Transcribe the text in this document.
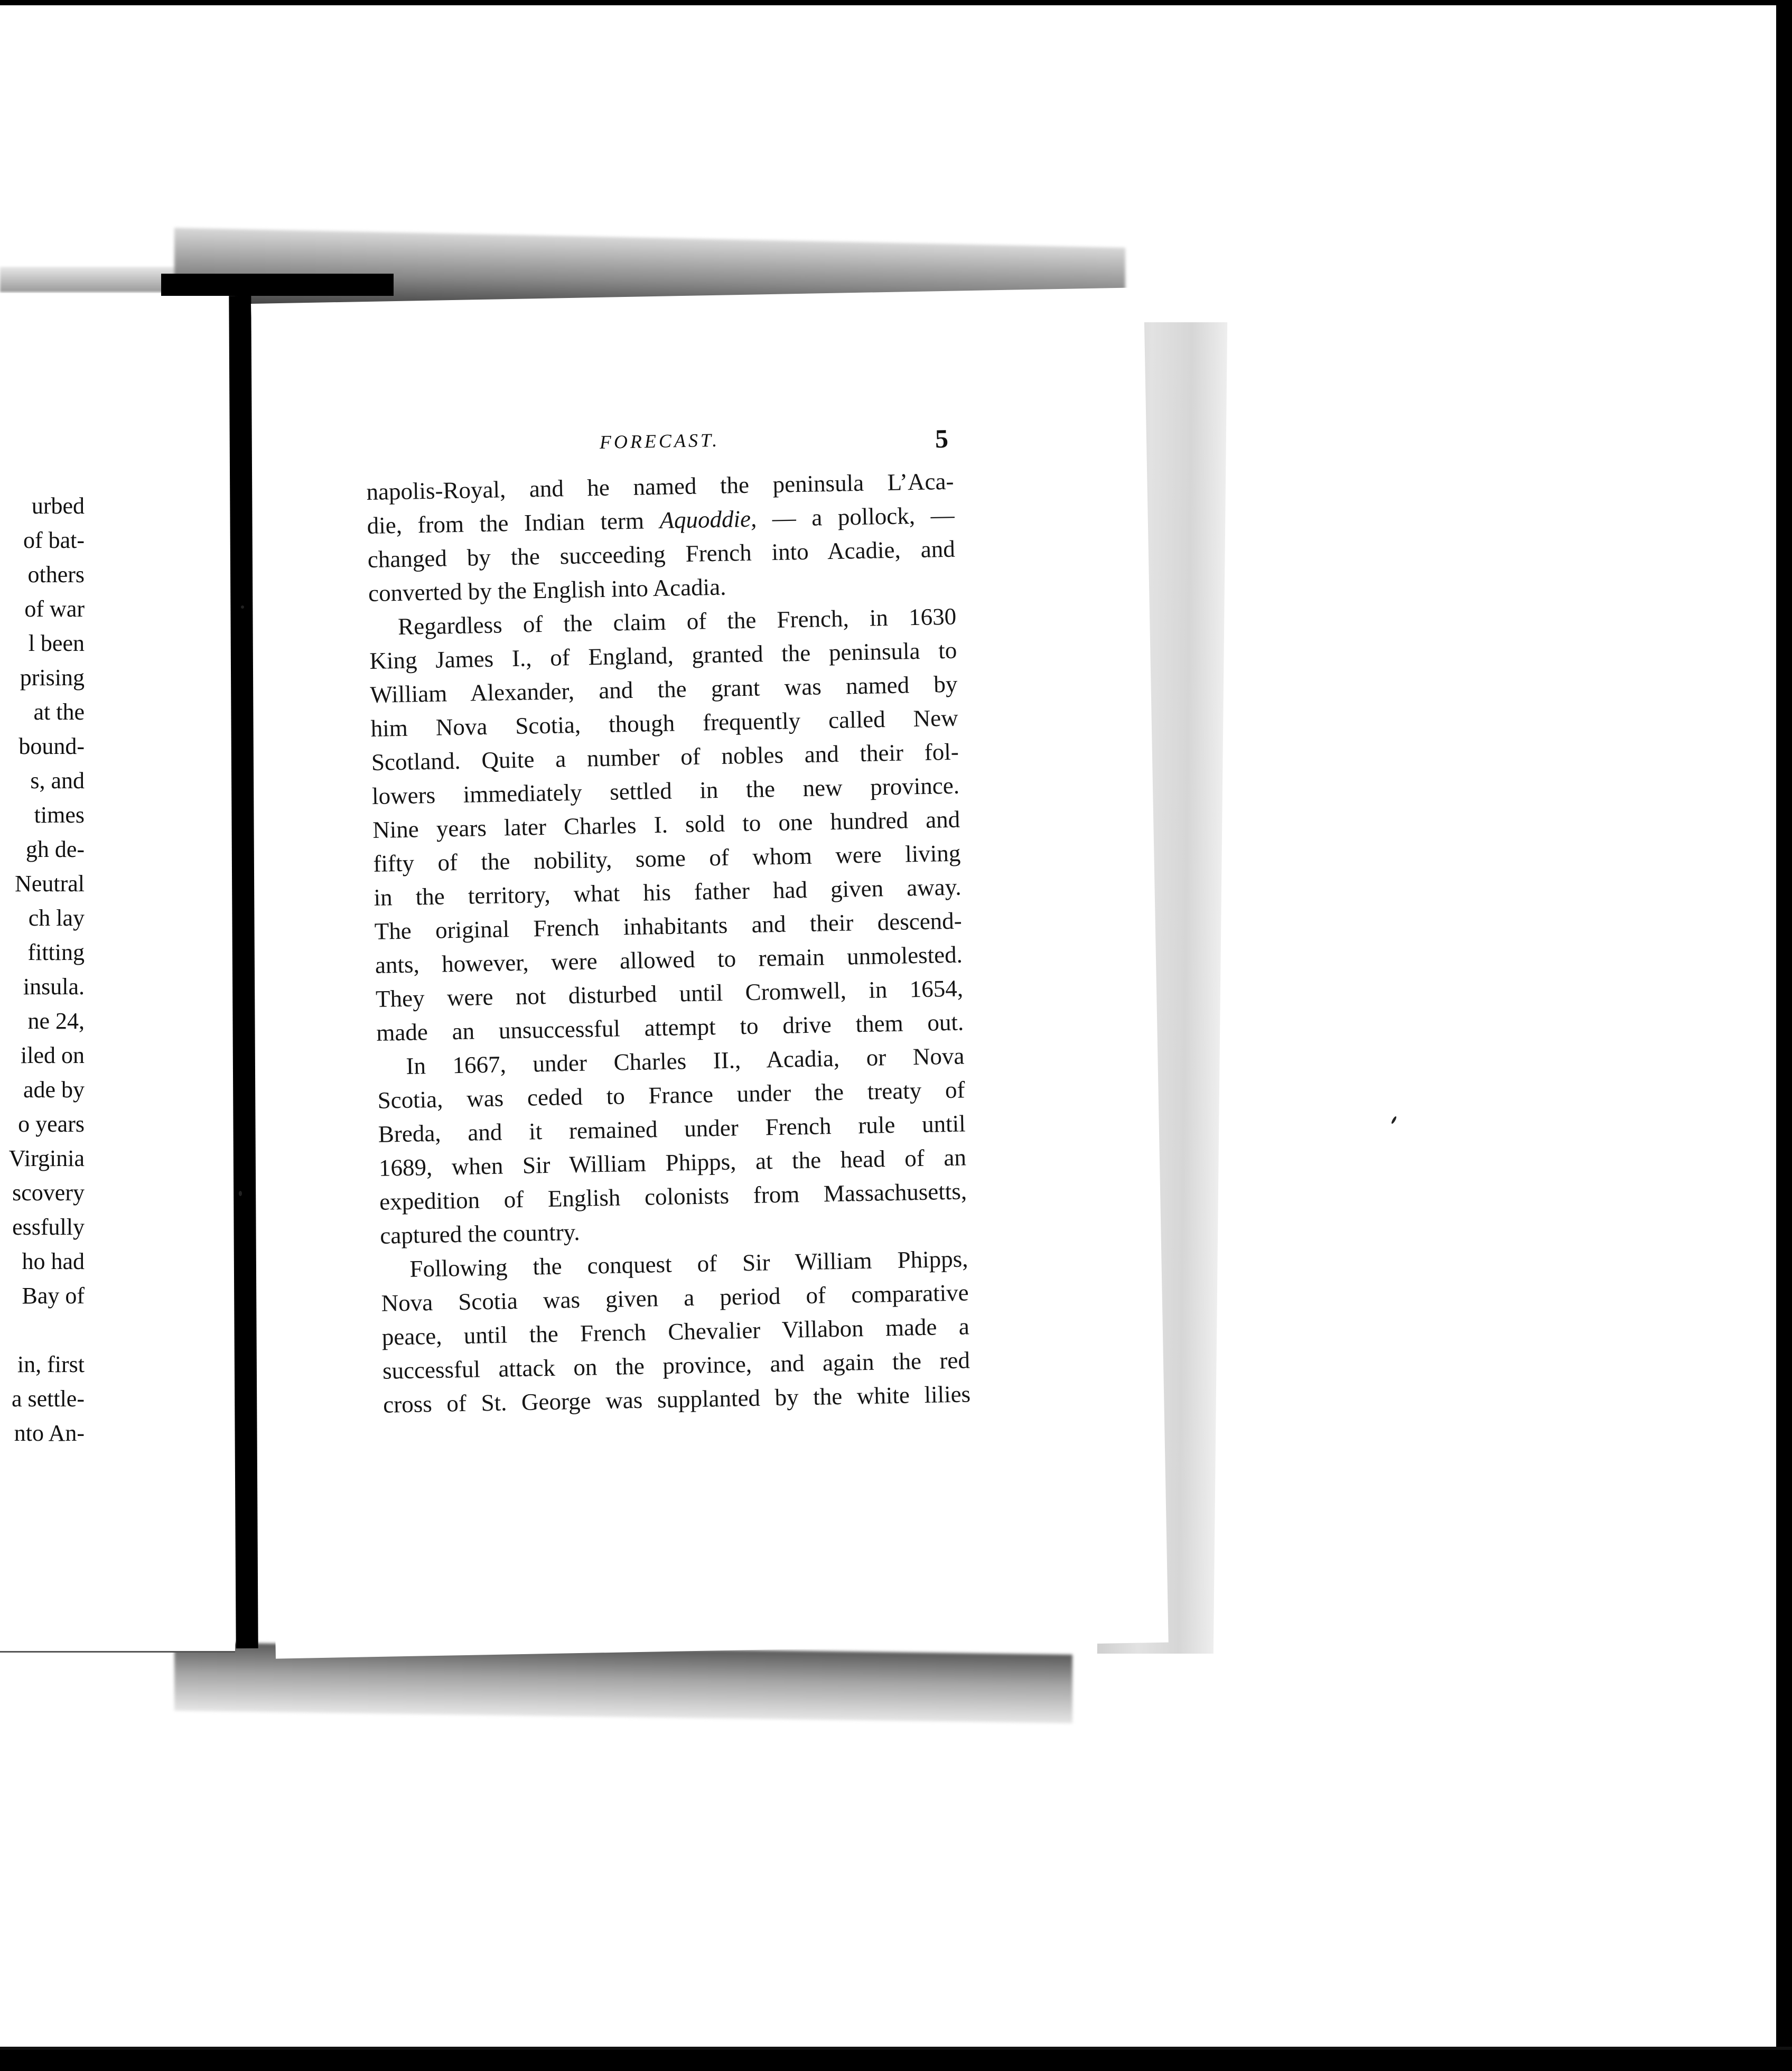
urbed
of bat-
others
of war
l been
prising
at the
bound-
s, and
times
gh de-
Neutral
ch lay
fitting
insula.
ne 24,
iled on
ade by
o years
Virginia
scovery
essfully
ho had
Bay of
in, first
a settle-
nto An-
FORECAST.	5
napolis-Royal, and he named the peninsula L’Aca-
die, from the Indian term Aquoddie, — a pollock, —
changed by the succeeding French into Acadie, and
converted by the English into Acadia.
Regardless of the claim of the French, in 1630
King James I., of England, granted the peninsula to
William Alexander, and the grant was named by
him Nova Scotia, though frequently called New
Scotland. Quite a number of nobles and their fol-
lowers immediately settled in the new province.
Nine years later Charles I. sold to one hundred and
fifty of the nobility, some of whom were living
in the territory, what his father had given away.
The original French inhabitants and their descend-
ants, however, were allowed to remain unmolested.
They were not disturbed until Cromwell, in 1654,
made an unsuccessful attempt to drive them out.
In 1667, under Charles II., Acadia, or Nova
Scotia, was ceded to France under the treaty of
Breda, and it remained under French rule until
1689, when Sir William Phipps, at the head of an
expedition of English colonists from Massachusetts,
captured the country.
Following the conquest of Sir William Phipps,
Nova Scotia was given a period of comparative
peace, until the French Chevalier Villabon made a
successful attack on the province, and again the red
cross of St. George was supplanted by the white lilies
